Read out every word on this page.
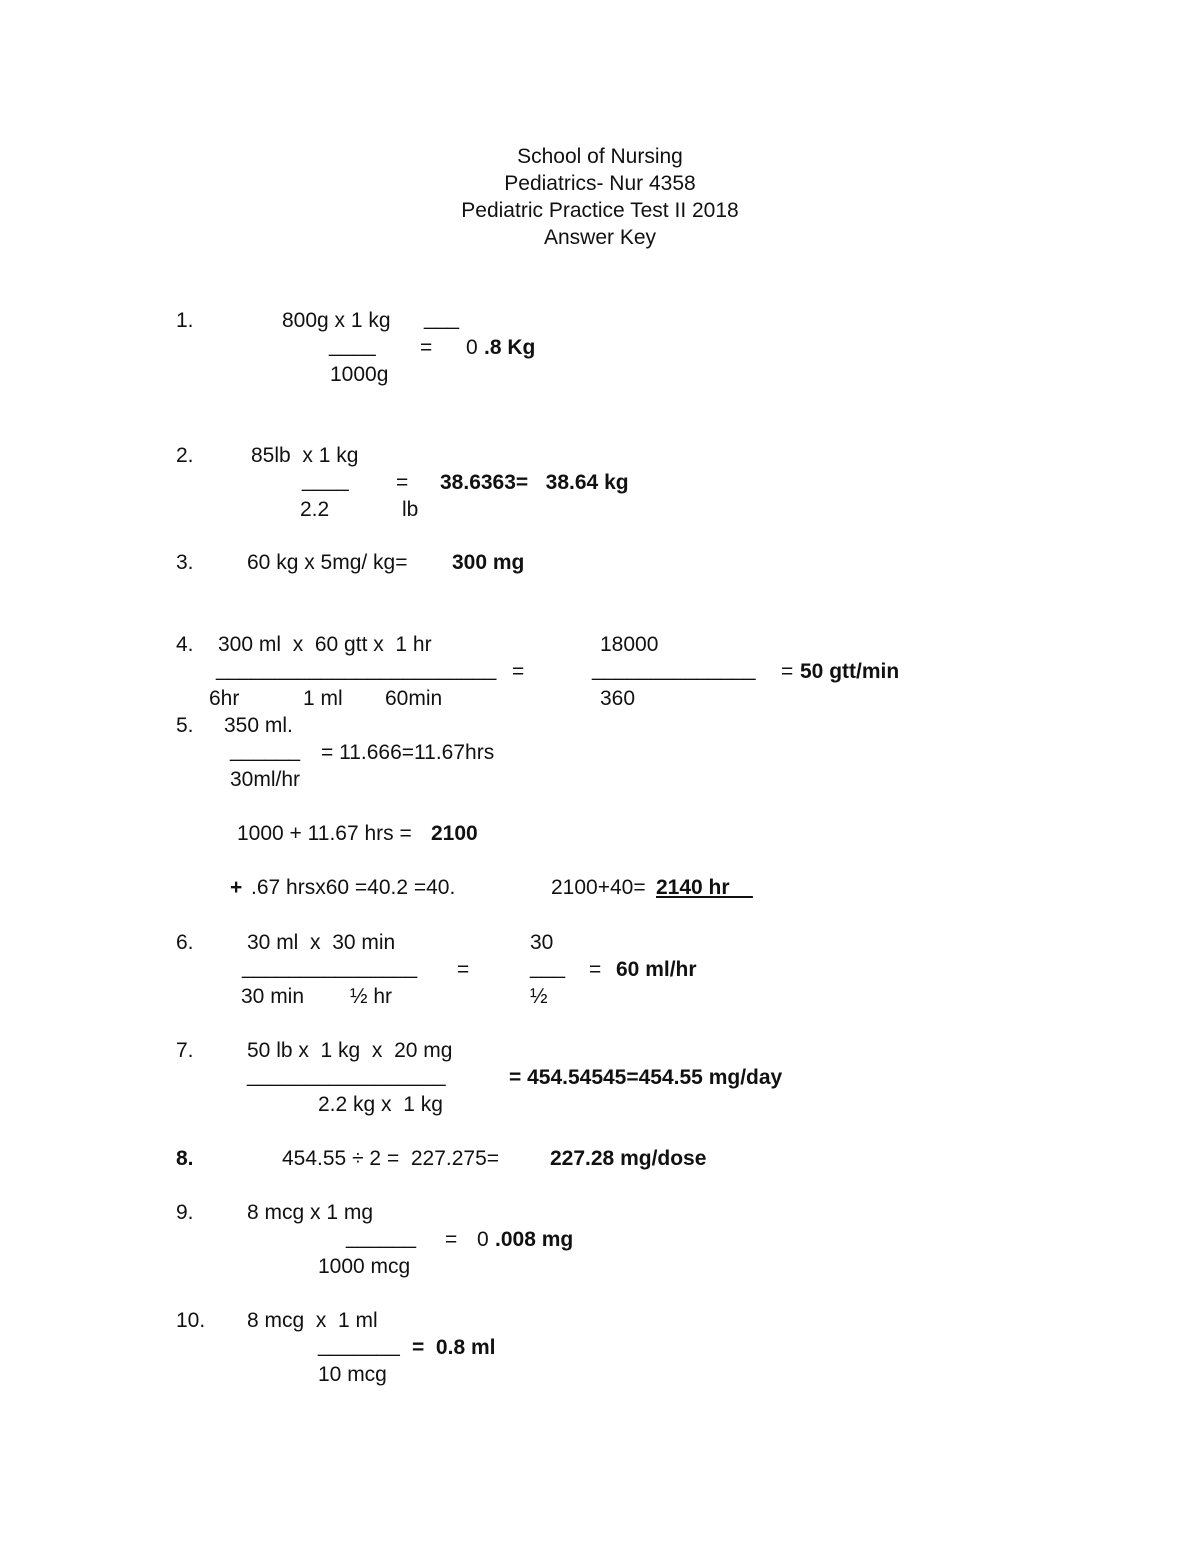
School of Nursing
Pediatrics- Nur 4358
Pediatric Practice Test II 2018
Answer Key
1.	800g x 1 kg ___
____ = 0 .8 Kg
1000g
2.	85lb  x 1 kg
____ = 38.6363=   38.64 kg
2.2	lb
3.	60 kg x 5mg/ kg= 300 mg
4. 300 ml  x  60 gtt x  1 hr	18000
________________________ =	______________ = 50 gtt/min
6hr	1 ml 60min	360
5. 350 ml.
______ = 11.666=11.67hrs
30ml/hr
1000 + 11.67 hrs = 2100
+ .67 hrsx60 =40.2 =40.	2100+40= 2140 hr
6.	30 ml  x  30 min	30
_______________ =	___ = 60 ml/hr
30 min ½ hr	½
7.	50 lb x  1 kg  x  20 mg
_________________	= 454.54545=454.55 mg/day
2.2 kg x  1 kg
8.	454.55 ÷ 2 =  227.275= 227.28 mg/dose
9.	8 mcg x 1 mg
______ = 0 .008 mg
1000 mcg
10. 8 mcg  x  1 ml
_______ =  0.8 ml
10 mcg
